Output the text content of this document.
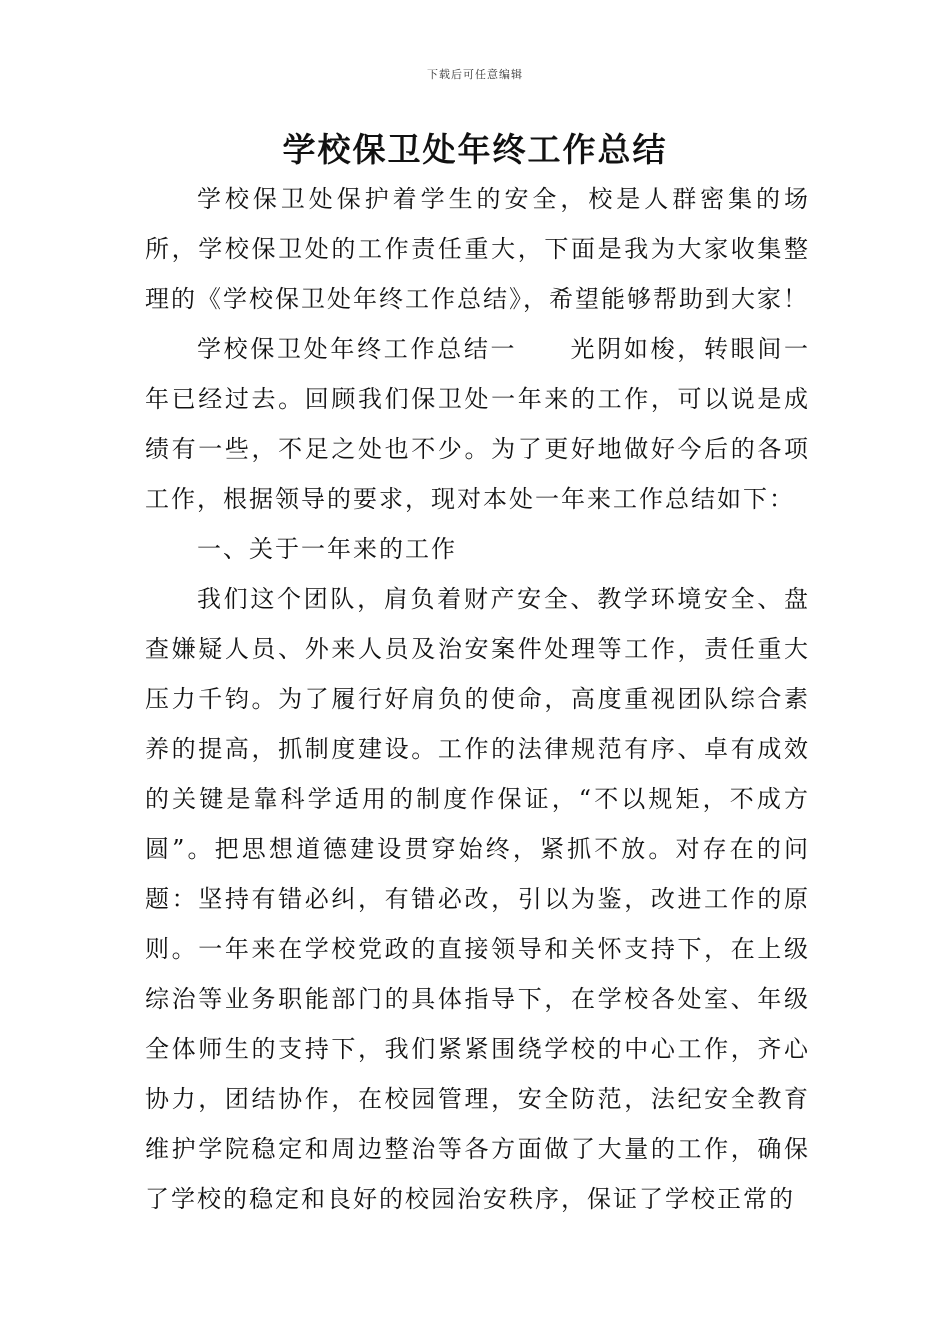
下载后可任意编辑
学校保卫处年终工作总结

学校保卫处保护着学生的安全，校是人群密集的场所，学校保卫处的工作责任重大，下面是我为大家收集整理的《学校保卫处年终工作总结》，希望能够帮助到大家！

学校保卫处年终工作总结一　　光阴如梭，转眼间一年已经过去。回顾我们保卫处一年来的工作，可以说是成绩有一些，不足之处也不少。为了更好地做好今后的各项工作，根据领导的要求，现对本处一年来工作总结如下：

一、关于一年来的工作

我们这个团队，肩负着财产安全、教学环境安全、盘查嫌疑人员、外来人员及治安案件处理等工作，责任重大压力千钧。为了履行好肩负的使命，高度重视团队综合素养的提高，抓制度建设。工作的法律规范有序、卓有成效的关键是靠科学适用的制度作保证，“不以规矩，不成方圆”。把思想道德建设贯穿始终，紧抓不放。对存在的问题：坚持有错必纠，有错必改，引以为鉴，改进工作的原则。一年来在学校党政的直接领导和关怀支持下，在上级综治等业务职能部门的具体指导下，在学校各处室、年级全体师生的支持下，我们紧紧围绕学校的中心工作，齐心协力，团结协作，在校园管理，安全防范，法纪安全教育维护学院稳定和周边整治等各方面做了大量的工作，确保了学校的稳定和良好的校园治安秩序，保证了学校正常的
